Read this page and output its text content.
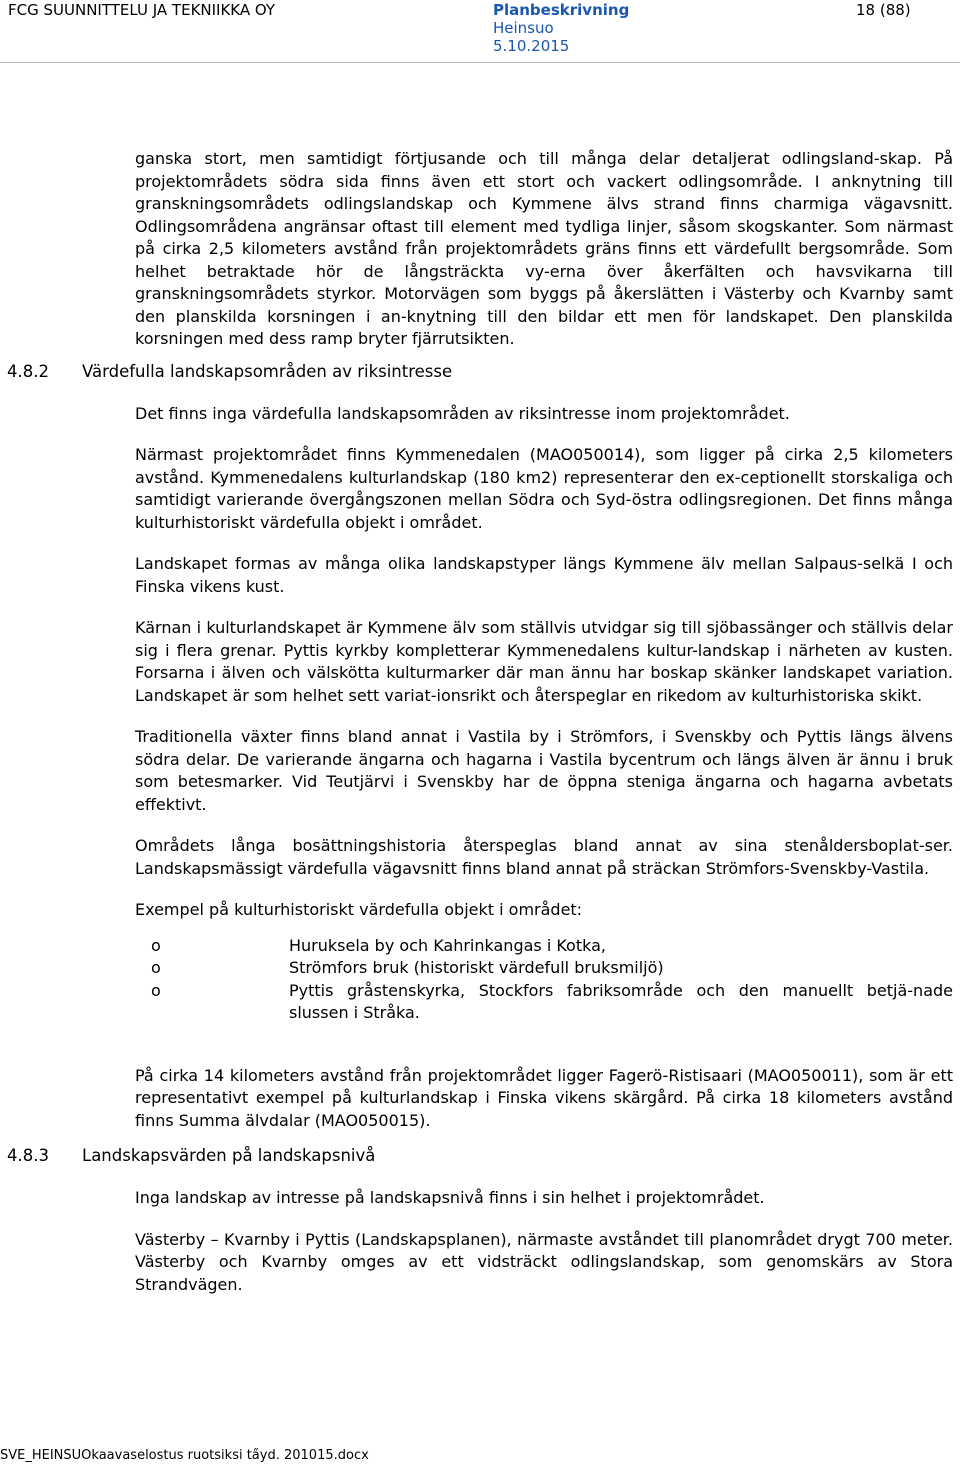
FCG SUUNNITTELU JA TEKNIIKKA OY	Planbeskrivning
Heinsuo
5.10.2015
18 (88)

ganska stort, men samtidigt förtjusande och till många delar detaljerat odlingsland-skap. På projektområdets södra sida finns även ett stort och vackert odlingsområde. I anknytning till granskningsområdets odlingslandskap och Kymmene älvs strand finns charmiga vägavsnitt. Odlingsområdena angränsar oftast till element med tydliga linjer, såsom skogskanter. Som närmast på cirka 2,5 kilometers avstånd från projektområdets gräns finns ett värdefullt bergsområde. Som helhet betraktade hör de långsträckta vy-erna över åkerfälten och havsvikarna till granskningsområdets styrkor. Motorvägen som byggs på åkerslätten i Västerby och Kvarnby samt den planskilda korsningen i an-knytning till den bildar ett men för landskapet. Den planskilda korsningen med dess ramp bryter fjärrutsikten.

4.8.2 Värdefulla landskapsområden av riksintresse

Det finns inga värdefulla landskapsområden av riksintresse inom projektområdet.

Närmast projektområdet finns Kymmenedalen (MAO050014), som ligger på cirka 2,5 kilometers avstånd. Kymmenedalens kulturlandskap (180 km2) representerar den ex-ceptionellt storskaliga och samtidigt varierande övergångszonen mellan Södra och Syd-östra odlingsregionen. Det finns många kulturhistoriskt värdefulla objekt i området.

Landskapet formas av många olika landskapstyper längs Kymmene älv mellan Salpaus-selkä I och Finska vikens kust.

Kärnan i kulturlandskapet är Kymmene älv som ställvis utvidgar sig till sjöbassänger och ställvis delar sig i flera grenar. Pyttis kyrkby kompletterar Kymmenedalens kultur-landskap i närheten av kusten. Forsarna i älven och välskötta kulturmarker där man ännu har boskap skänker landskapet variation. Landskapet är som helhet sett variat-ionsrikt och återspeglar en rikedom av kulturhistoriska skikt.

Traditionella växter finns bland annat i Vastila by i Strömfors, i Svenskby och Pyttis längs älvens södra delar. De varierande ängarna och hagarna i Vastila bycentrum och längs älven är ännu i bruk som betesmarker. Vid Teutjärvi i Svenskby har de öppna steniga ängarna och hagarna avbetats effektivt.

Områdets långa bosättningshistoria återspeglas bland annat av sina stenåldersboplat-ser. Landskapsmässigt värdefulla vägavsnitt finns bland annat på sträckan Strömfors-Svenskby-Vastila.

Exempel på kulturhistoriskt värdefulla objekt i området:

o	Huruksela by och Kahrinkangas i Kotka,
o	Strömfors bruk (historiskt värdefull bruksmiljö)
o	Pyttis gråstenskyrka, Stockfors fabriksområde och den manuellt betjä-nade slussen i Stråka.

På cirka 14 kilometers avstånd från projektområdet ligger Fagerö-Ristisaari (MAO050011), som är ett representativt exempel på kulturlandskap i Finska vikens skärgård. På cirka 18 kilometers avstånd finns Summa älvdalar (MAO050015).

4.8.3 Landskapsvärden på landskapsnivå

Inga landskap av intresse på landskapsnivå finns i sin helhet i projektområdet.

Västerby – Kvarnby i Pyttis (Landskapsplanen), närmaste avståndet till planområdet drygt 700 meter. Västerby och Kvarnby omges av ett vidsträckt odlingslandskap, som genomskärs av Stora Strandvägen.

SVE_HEINSUOkaavaselostus ruotsiksi ta̋yd. 201015.docx
